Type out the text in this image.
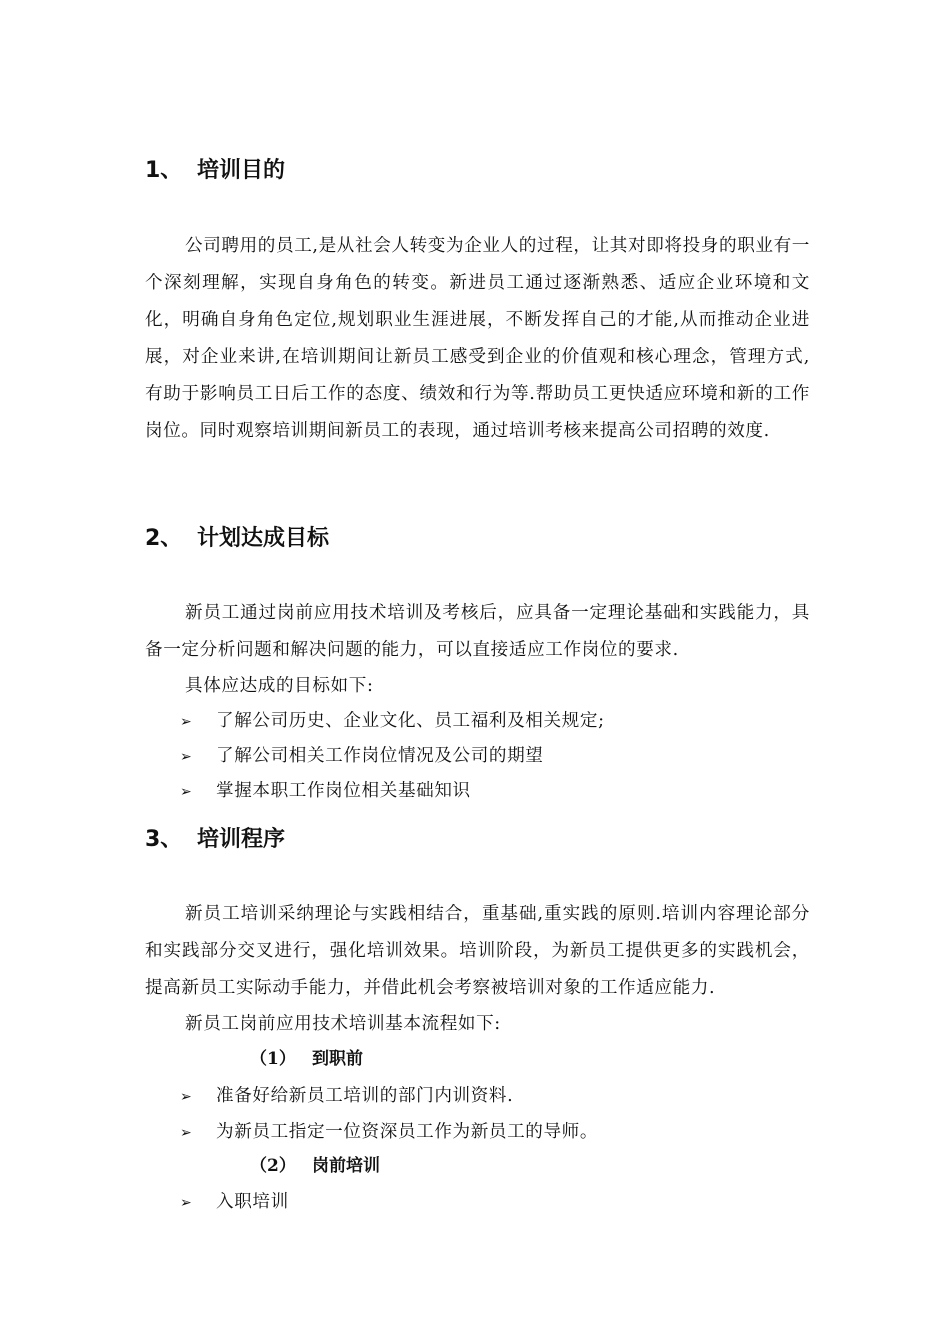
1、 培训目的

公司聘用的员工,是从社会人转变为企业人的过程，让其对即将投身的职业有一个深刻理解，实现自身角色的转变。新进员工通过逐渐熟悉、适应企业环境和文化，明确自身角色定位,规划职业生涯进展，不断发挥自己的才能,从而推动企业进展，对企业来讲,在培训期间让新员工感受到企业的价值观和核心理念，管理方式,有助于影响员工日后工作的态度、绩效和行为等.帮助员工更快适应环境和新的工作岗位。同时观察培训期间新员工的表现，通过培训考核来提高公司招聘的效度.

2、 计划达成目标

新员工通过岗前应用技术培训及考核后，应具备一定理论基础和实践能力，具备一定分析问题和解决问题的能力，可以直接适应工作岗位的要求.

具体应达成的目标如下:
➢ 了解公司历史、企业文化、员工福利及相关规定;
➢ 了解公司相关工作岗位情况及公司的期望
➢ 掌握本职工作岗位相关基础知识
3、 培训程序

新员工培训采纳理论与实践相结合，重基础,重实践的原则.培训内容理论部分和实践部分交叉进行，强化培训效果。培训阶段，为新员工提供更多的实践机会，提高新员工实际动手能力，并借此机会考察被培训对象的工作适应能力.

新员工岗前应用技术培训基本流程如下:
（1） 到职前
➢ 准备好给新员工培训的部门内训资料.
➢ 为新员工指定一位资深员工作为新员工的导师。
（2） 岗前培训
➢ 入职培训
